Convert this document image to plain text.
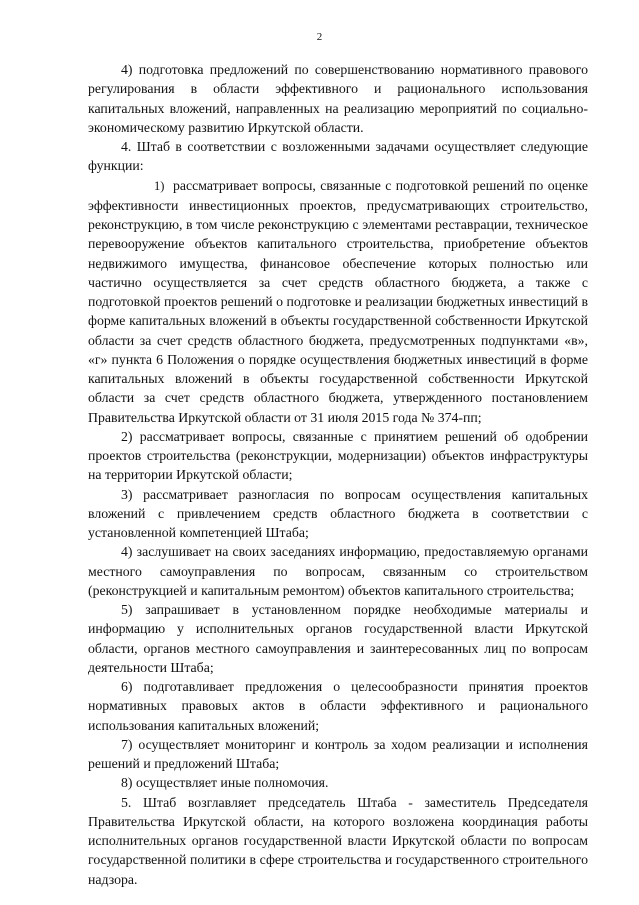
2

4) подготовка предложений по совершенствованию нормативного правового регулирования в области эффективного и рационального использования капитальных вложений, направленных на реализацию мероприятий по социально-экономическому развитию Иркутской области.

4. Штаб в соответствии с возложенными задачами осуществляет следующие функции:

1) рассматривает вопросы, связанные с подготовкой решений по оценке эффективности инвестиционных проектов, предусматривающих строительство, реконструкцию, в том числе реконструкцию с элементами реставрации, техническое перевооружение объектов капитального строительства, приобретение объектов недвижимого имущества, финансовое обеспечение которых полностью или частично осуществляется за счет средств областного бюджета, а также с подготовкой проектов решений о подготовке и реализации бюджетных инвестиций в форме капитальных вложений в объекты государственной собственности Иркутской области за счет средств областного бюджета, предусмотренных подпунктами «в», «г» пункта 6 Положения о порядке осуществления бюджетных инвестиций в форме капитальных вложений в объекты государственной собственности Иркутской области за счет средств областного бюджета, утвержденного постановлением Правительства Иркутской области от 31 июля 2015 года № 374-пп;

2) рассматривает вопросы, связанные с принятием решений об одобрении проектов строительства (реконструкции, модернизации) объектов инфраструктуры на территории Иркутской области;

3) рассматривает разногласия по вопросам осуществления капитальных вложений с привлечением средств областного бюджета в соответствии с установленной компетенцией Штаба;

4) заслушивает на своих заседаниях информацию, предоставляемую органами местного самоуправления по вопросам, связанным со строительством (реконструкцией и капитальным ремонтом) объектов капитального строительства;

5) запрашивает в установленном порядке необходимые материалы и информацию у исполнительных органов государственной власти Иркутской области, органов местного самоуправления и заинтересованных лиц по вопросам деятельности Штаба;

6) подготавливает предложения о целесообразности принятия проектов нормативных правовых актов в области эффективного и рационального использования капитальных вложений;

7) осуществляет мониторинг и контроль за ходом реализации и исполнения решений и предложений Штаба;

8) осуществляет иные полномочия.

5. Штаб возглавляет председатель Штаба - заместитель Председателя Правительства Иркутской области, на которого возложена координация работы исполнительных органов государственной власти Иркутской области по вопросам государственной политики в сфере строительства и государственного строительного надзора.
